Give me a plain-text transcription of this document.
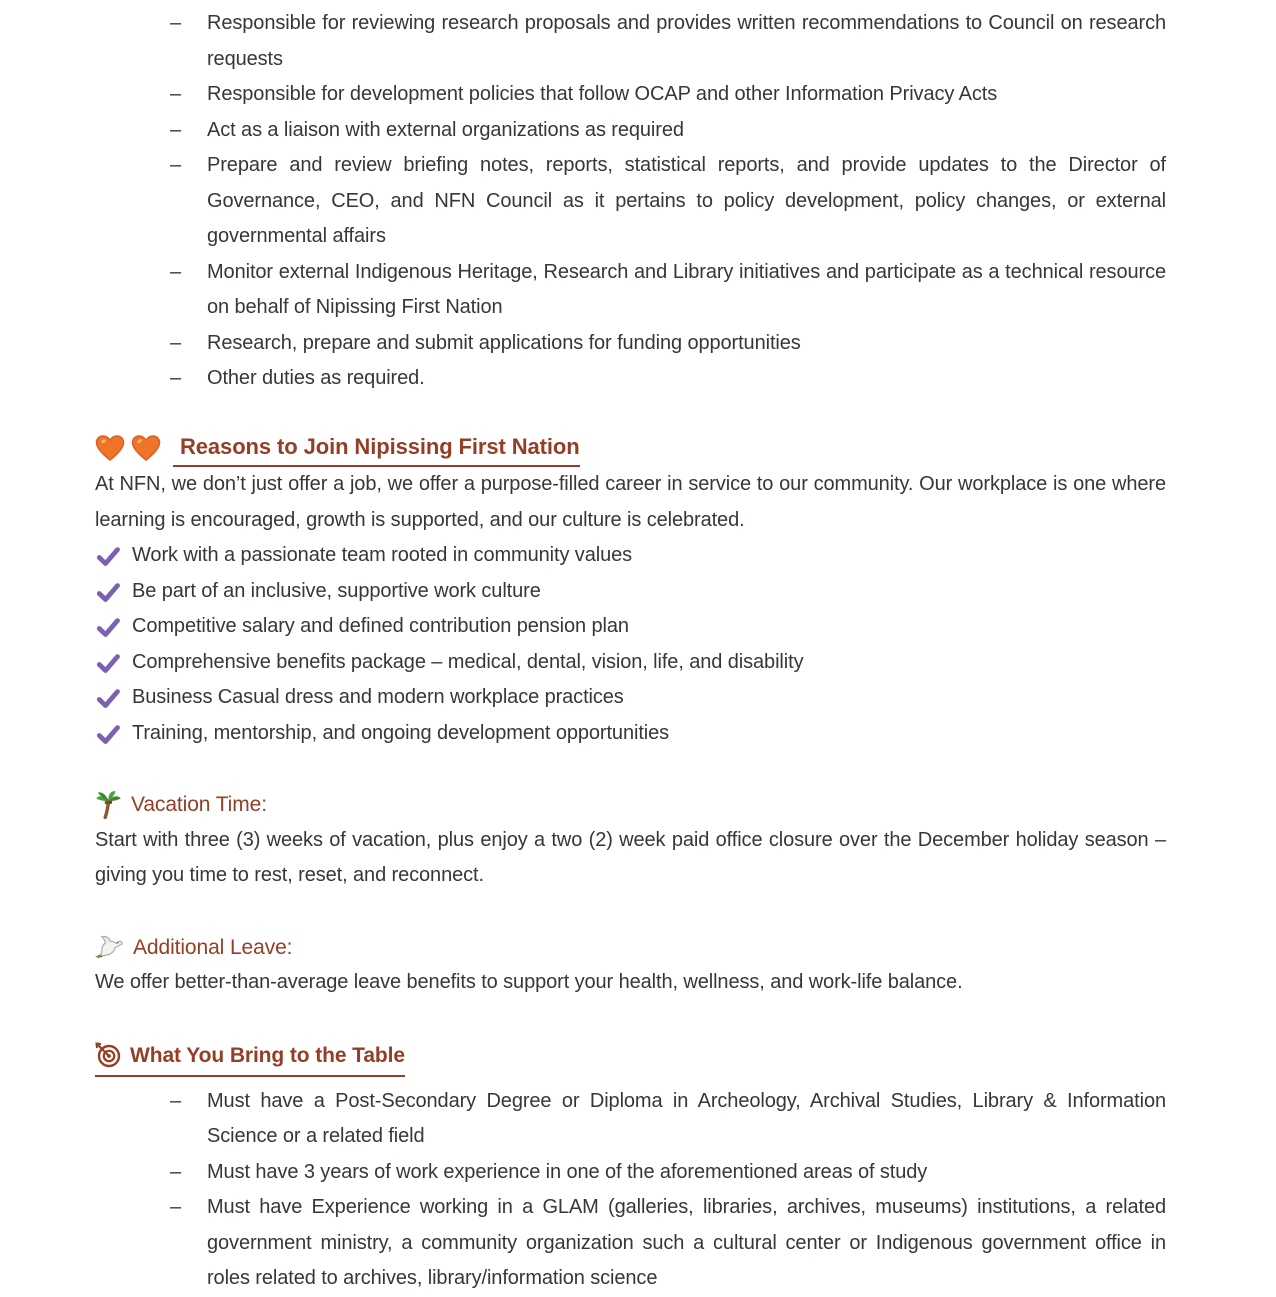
– Responsible for reviewing research proposals and provides written recommendations to Council on research requests
– Responsible for development policies that follow OCAP and other Information Privacy Acts
– Act as a liaison with external organizations as required
– Prepare and review briefing notes, reports, statistical reports, and provide updates to the Director of Governance, CEO, and NFN Council as it pertains to policy development, policy changes, or external governmental affairs
– Monitor external Indigenous Heritage, Research and Library initiatives and participate as a technical resource on behalf of Nipissing First Nation
– Research, prepare and submit applications for funding opportunities
– Other duties as required.
Reasons to Join Nipissing First Nation

At NFN, we don’t just offer a job, we offer a purpose-filled career in service to our community. Our workplace is one where learning is encouraged, growth is supported, and our culture is celebrated.

Work with a passionate team rooted in community values
Be part of an inclusive, supportive work culture
Competitive salary and defined contribution pension plan
Comprehensive benefits package – medical, dental, vision, life, and disability
Business Casual dress and modern workplace practices
Training, mentorship, and ongoing development opportunities
Vacation Time:

Start with three (3) weeks of vacation, plus enjoy a two (2) week paid office closure over the December holiday season – giving you time to rest, reset, and reconnect.

Additional Leave:

We offer better-than-average leave benefits to support your health, wellness, and work-life balance.

What You Bring to the Table
– Must have a Post-Secondary Degree or Diploma in Archeology, Archival Studies, Library & Information Science or a related field
– Must have 3 years of work experience in one of the aforementioned areas of study
– Must have Experience working in a GLAM (galleries, libraries, archives, museums) institutions, a related government ministry, a community organization such a cultural center or Indigenous government office in roles related to archives, library/information science
